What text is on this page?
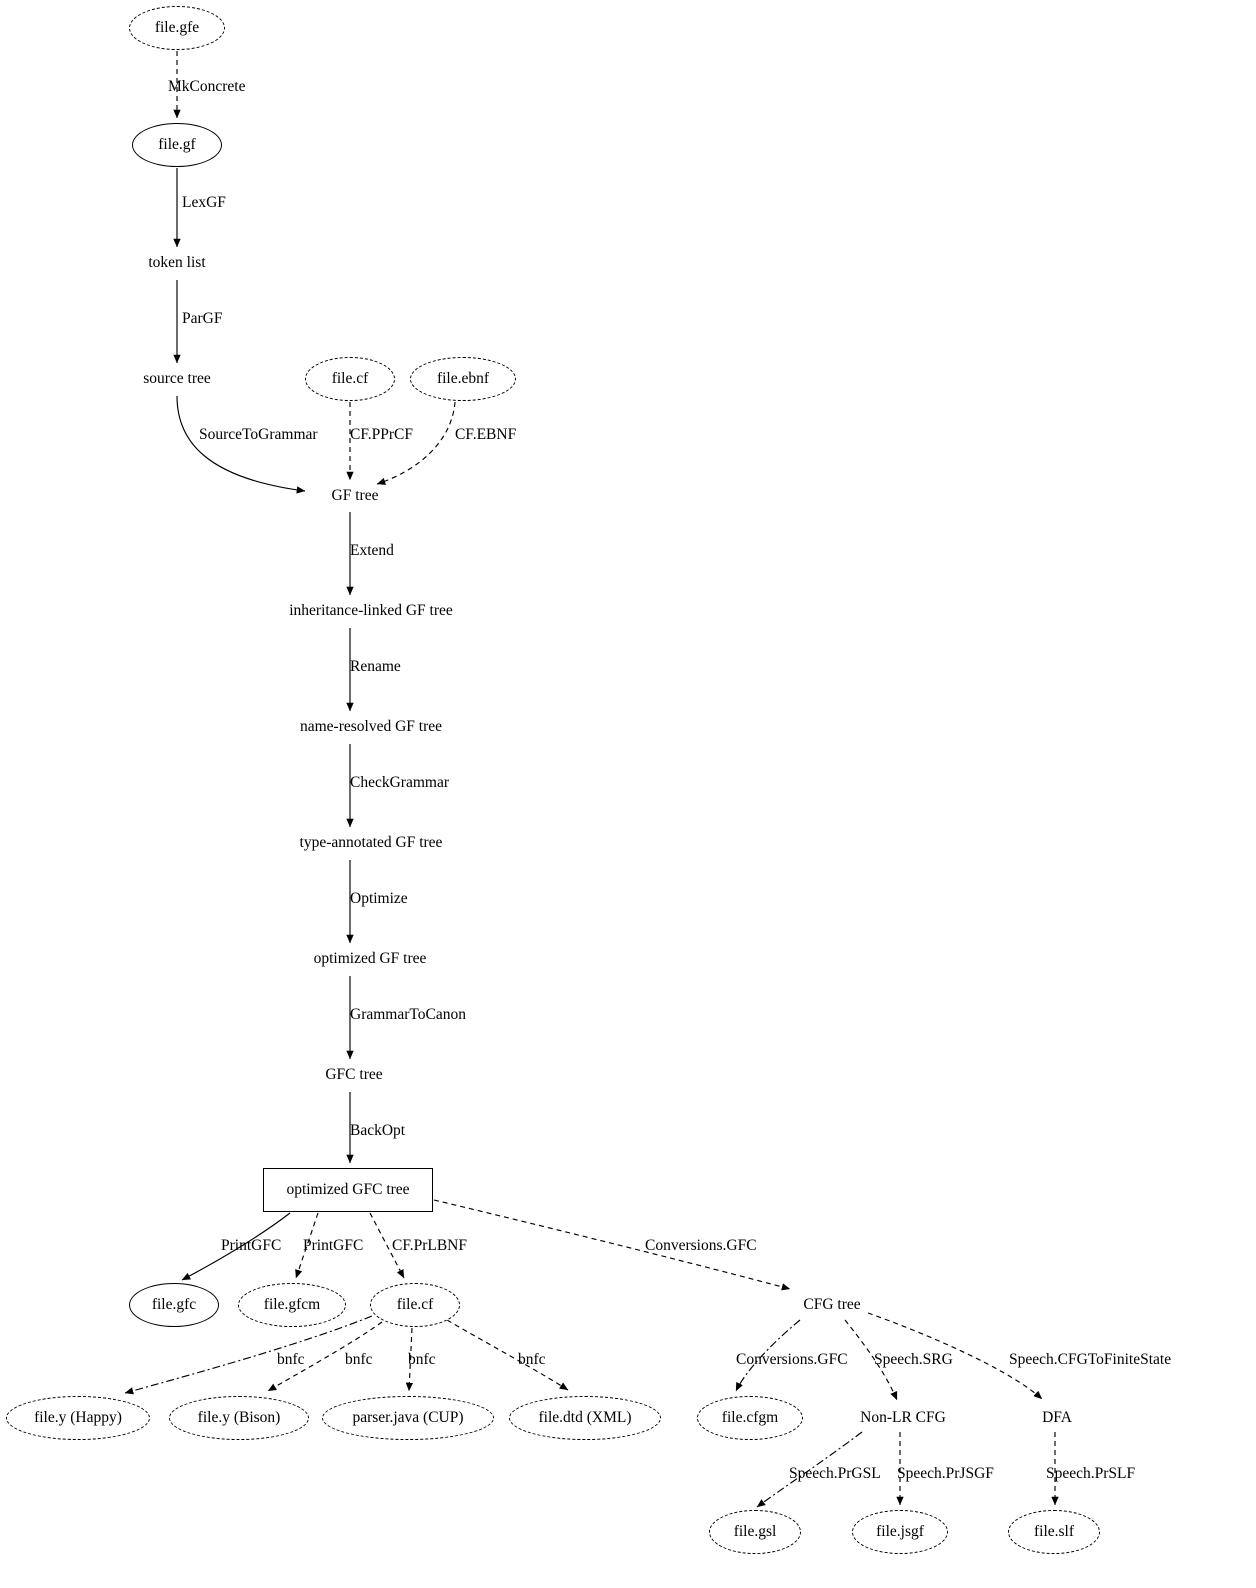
file.gfe
file.gf
token list
source tree	file.cf	file.ebnf
GF tree
inheritance-linked GF tree
name-resolved GF tree
type-annotated GF tree
optimized GF tree
GFC tree
optimized GFC tree
file.gfc	file.gfcm	file.cf	CFG tree
file.y (Happy)	file.y (Bison)	parser.java (CUP)	file.dtd (XML)	file.cfgm	Non-LR CFG	DFA
file.gsl	file.jsgf	file.slf
MkConcrete
LexGF
ParGF
SourceToGrammar CF.PPrCF	CF.EBNF
Extend
Rename
CheckGrammar
Optimize
GrammarToCanon
BackOpt
PrintGFC PrintGFC CF.PrLBNF	Conversions.GFC
bnfc	bnfc bnfc	bnfc	Conversions.GFC Speech.SRG	Speech.CFGToFiniteState
Speech.PrGSL Speech.PrJSGF	Speech.PrSLF
